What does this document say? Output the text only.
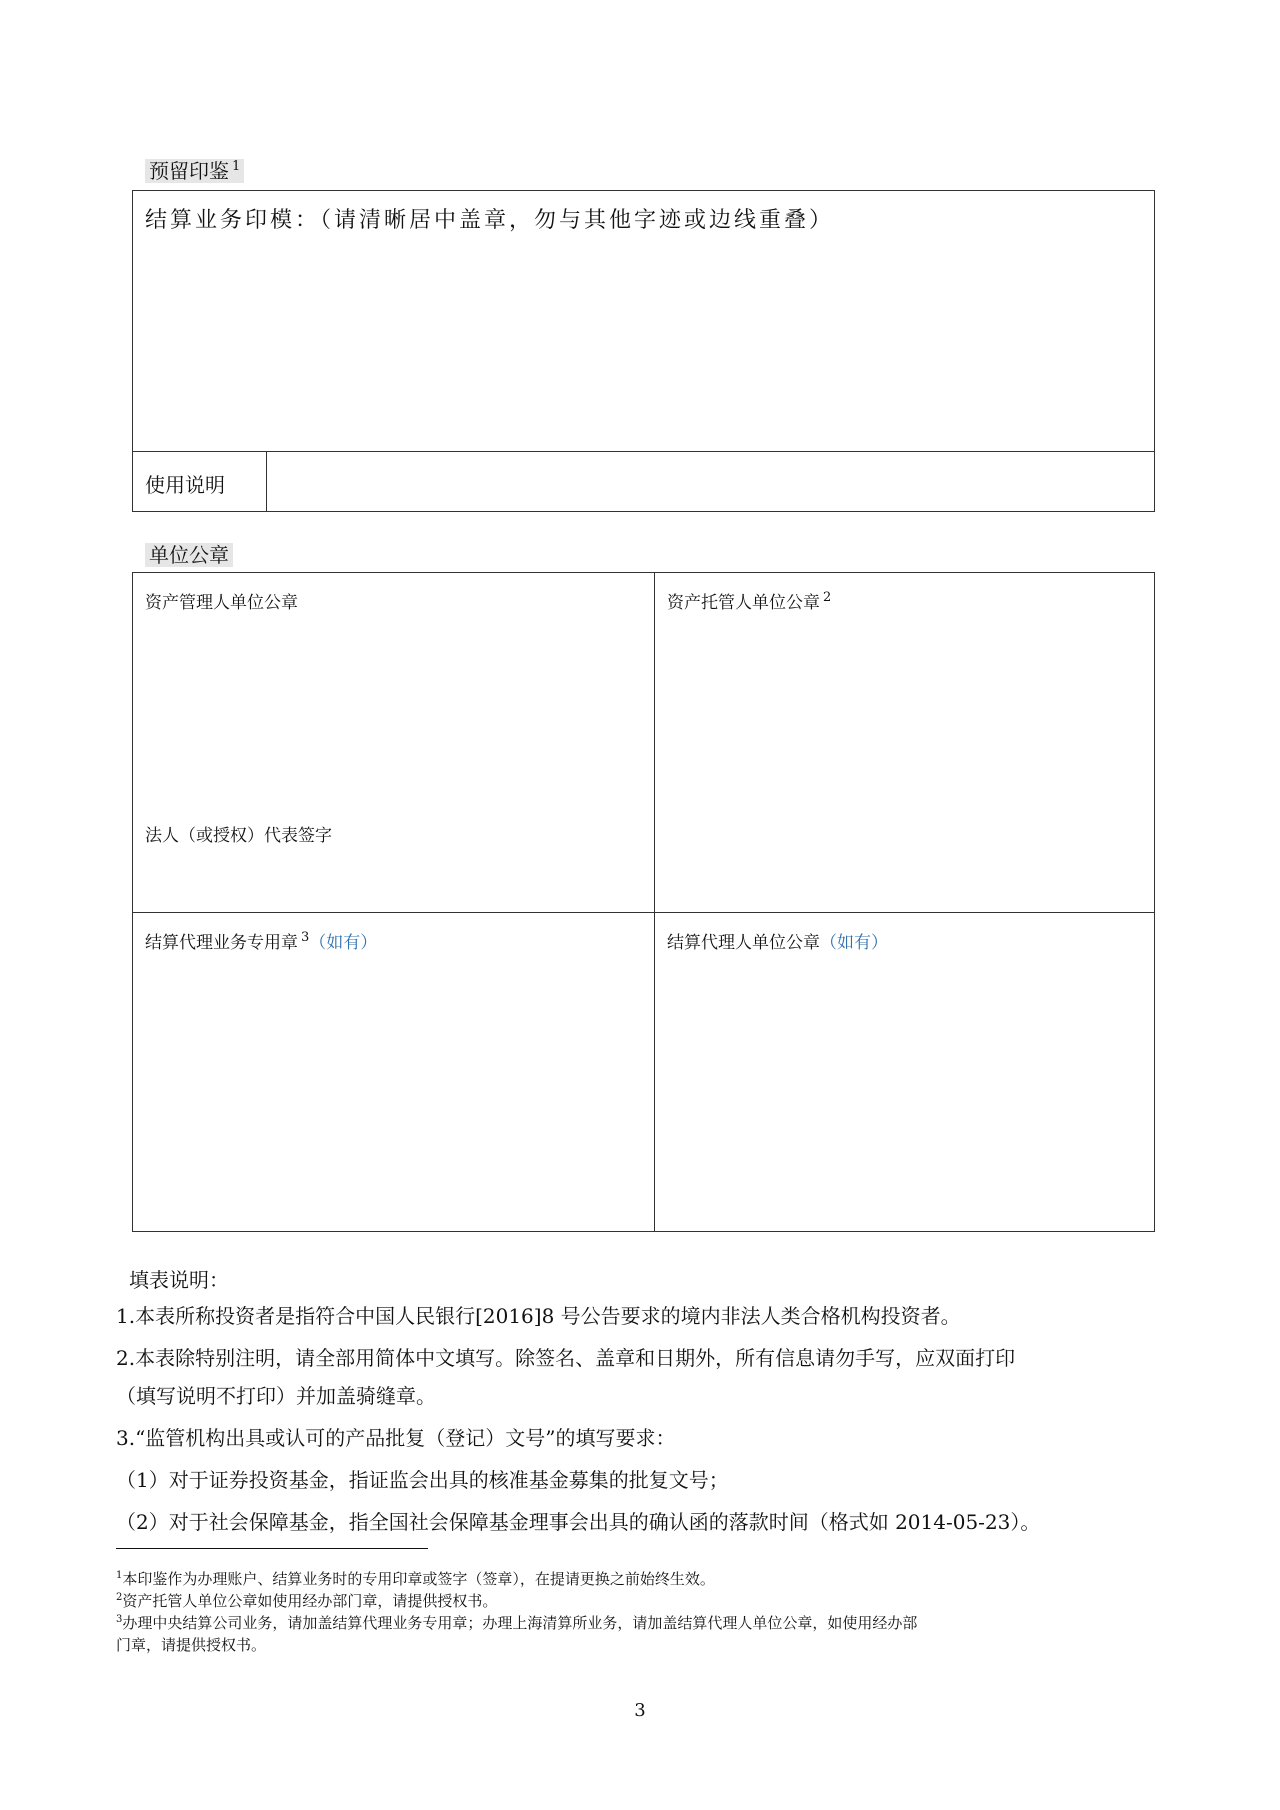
预留印鉴 $^1$
结算业务印模：（请清晰居中盖章，勿与其他字迹或边线重叠）
使用说明
单位公章
资产管理人单位公章
法人（或授权）代表签字
资产托管人单位公章 $^2$
结算代理业务专用章 $^3$（如有）	结算代理人单位公章（如有）
填表说明：
1.本表所称投资者是指符合中国人民银行[2016]8 号公告要求的境内非法人类合格机构投资者。
2.本表除特别注明，请全部用简体中文填写。除签名、盖章和日期外，所有信息请勿手写，应双面打印
（填写说明不打印）并加盖骑缝章。
3.“监管机构出具或认可的产品批复（登记）文号”的填写要求：
（1）对于证券投资基金，指证监会出具的核准基金募集的批复文号；
（2）对于社会保障基金，指全国社会保障基金理事会出具的确认函的落款时间（格式如 2014-05-23）。
$^1$本印鉴作为办理账户、结算业务时的专用印章或签字（签章），在提请更换之前始终生效。
$^2$资产托管人单位公章如使用经办部门章，请提供授权书。
$^3$办理中央结算公司业务，请加盖结算代理业务专用章；办理上海清算所业务，请加盖结算代理人单位公章，如使用经办部
门章，请提供授权书。
3
